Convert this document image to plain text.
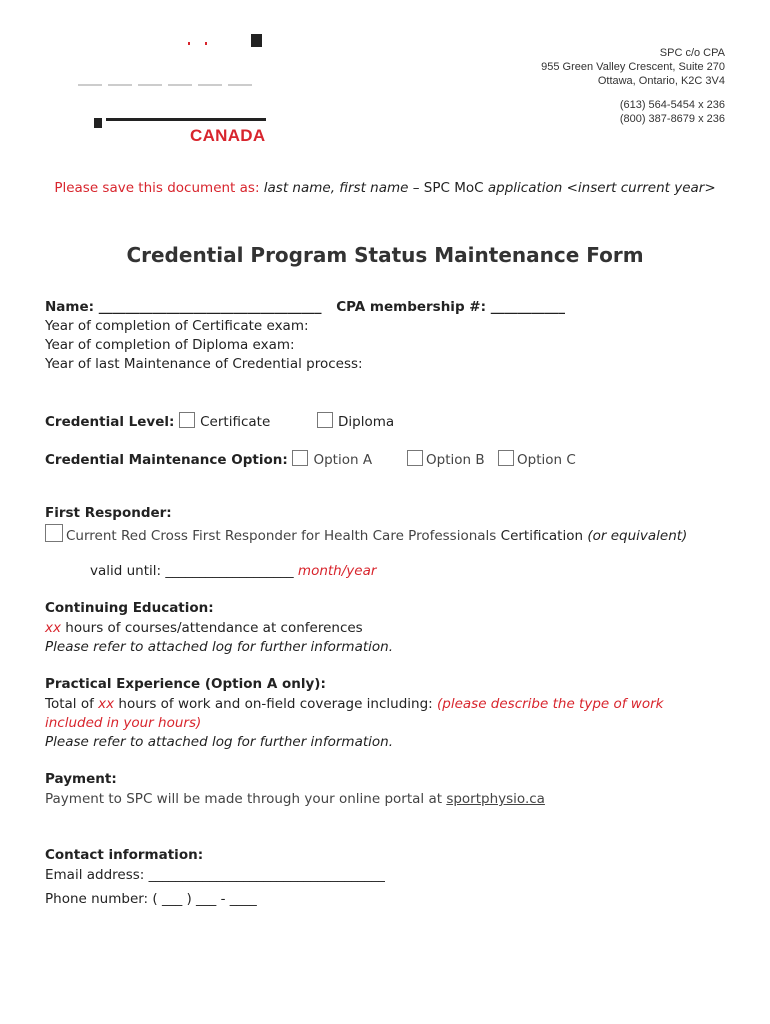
CANADA
SPC c/o CPA
955 Green Valley Crescent, Suite 270
Ottawa, Ontario, K2C 3V4
(613) 564-5454 x 236
(800) 387-8679 x 236
Please save this document as: last name, first name – SPC MoC application <insert current year>
Credential Program Status Maintenance Form
Name: _________________________________ CPA membership #: ___________
Year of completion of Certificate exam:
Year of completion of Diploma exam:
Year of last Maintenance of Credential process:
Credential Level: Certificate	Diploma
Credential Maintenance Option: Option A	Option B	Option C
First Responder:
Current Red Cross First Responder for Health Care Professionals Certification (or equivalent)
valid until: ___________________ month/year
Continuing Education:
xx hours of courses/attendance at conferences
Please refer to attached log for further information.
Practical Experience (Option A only):
Total of xx hours of work and on-field coverage including: (please describe the type of work
included in your hours)
Please refer to attached log for further information.
Payment:
Payment to SPC will be made through your online portal at sportphysio.ca
Contact information:
Email address: ___________________________________
Phone number: ( ___ ) ___ - ____
